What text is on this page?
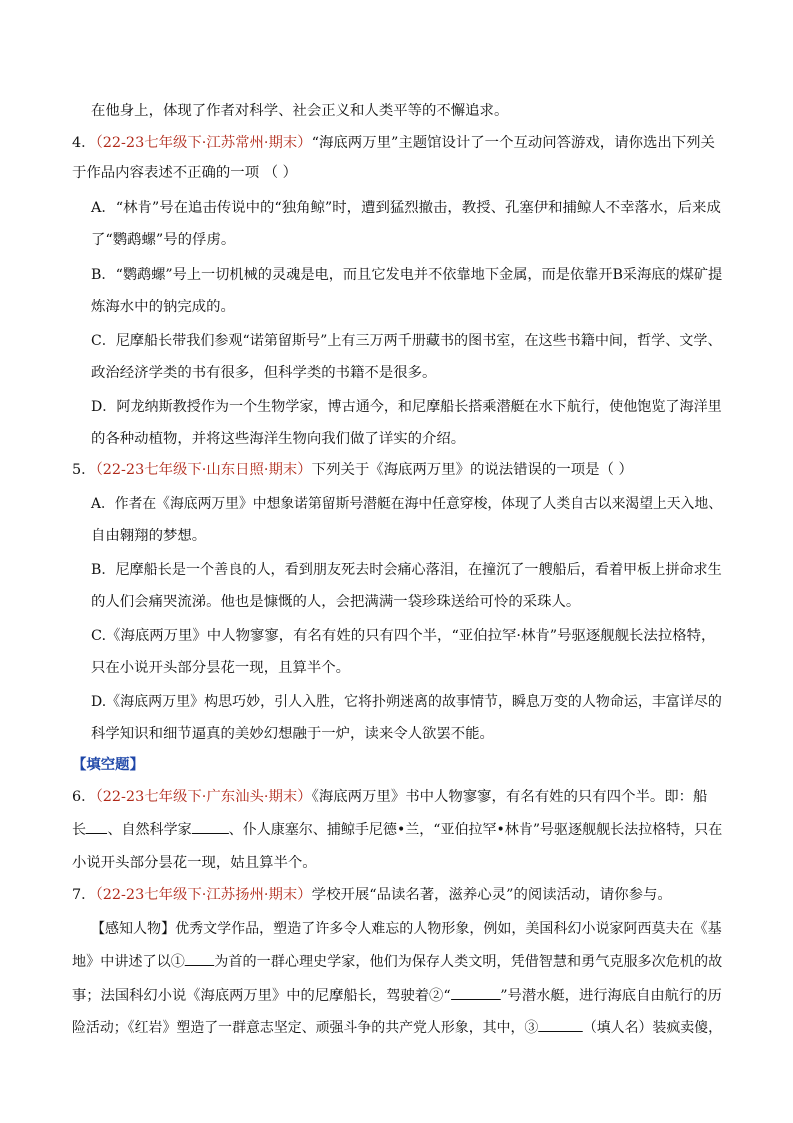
在他身上，体现了作者对科学、社会正义和人类平等的不懈追求。
4．（22-23七年级下·江苏常州·期末）“海底两万里”主题馆设计了一个互动问答游戏，请你选出下列关
于作品内容表述不正确的一项 （ ）
A．“林肯”号在追击传说中的“独角鲸”时，遭到猛烈撤击，教授、孔塞伊和捕鲸人不幸落水，后来成
了“鹦鹉螺”号的俘虏。
B．“鹦鹉螺”号上一切机械的灵魂是电，而且它发电并不依靠地下金属，而是依靠开B采海底的煤矿提
炼海水中的钠完成的。
C．尼摩船长带我们参观“诺第留斯号”上有三万两千册藏书的图书室，在这些书籍中间，哲学、文学、
政治经济学类的书有很多，但科学类的书籍不是很多。
D．阿龙纳斯教授作为一个生物学家，博古通今，和尼摩船长搭乘潜艇在水下航行，使他饱览了海洋里
的各种动植物，并将这些海洋生物向我们做了详实的介绍。
5．（22-23七年级下·山东日照·期末）下列关于《海底两万里》的说法错误的一项是（ ）
A．作者在《海底两万里》中想象诺第留斯号潜艇在海中任意穿梭，体现了人类自古以来渴望上天入地、
自由翱翔的梦想。
B．尼摩船长是一个善良的人，看到朋友死去时会痛心落泪，在撞沉了一艘船后，看着甲板上拼命求生
的人们会痛哭流涕。他也是慷慨的人，会把满满一袋珍珠送给可怜的采珠人。
C.《海底两万里》中人物寥寥，有名有姓的只有四个半，“亚伯拉罕·林肯”号驱逐舰舰长法拉格特，
只在小说开头部分昙花一现，且算半个。
D.《海底两万里》构思巧妙，引人入胜，它将扑朔迷离的故事情节，瞬息万变的人物命运，丰富详尽的
科学知识和细节逼真的美妙幻想融于一炉，读来令人欲罢不能。
【填空题】
6．（22-23七年级下·广东汕头·期末）《海底两万里》书中人物寥寥，有名有姓的只有四个半。即：船
长 、自然科学家	、仆人康塞尔、捕鲸手尼德•兰，“亚伯拉罕•林肯”号驱逐舰舰长法拉格特，只在
小说开头部分昙花一现，姑且算半个。
7．（22-23七年级下·江苏扬州·期末）学校开展“品读名著，滋养心灵”的阅读活动，请你参与。
【感知人物】优秀文学作品，塑造了许多令人难忘的人物形象，例如，美国科幻小说家阿西莫夫在《基
地》中讲述了以① 为首的一群心理史学家，他们为保存人类文明，凭借智慧和勇气克服多次危机的故
事；法国科幻小说《海底两万里》中的尼摩船长，驾驶着②“	”号潜水艇，进行海底自由航行的历
险活动；《红岩》塑造了一群意志坚定、顽强斗争的共产党人形象，其中，③	（填人名）装疯卖傻，
